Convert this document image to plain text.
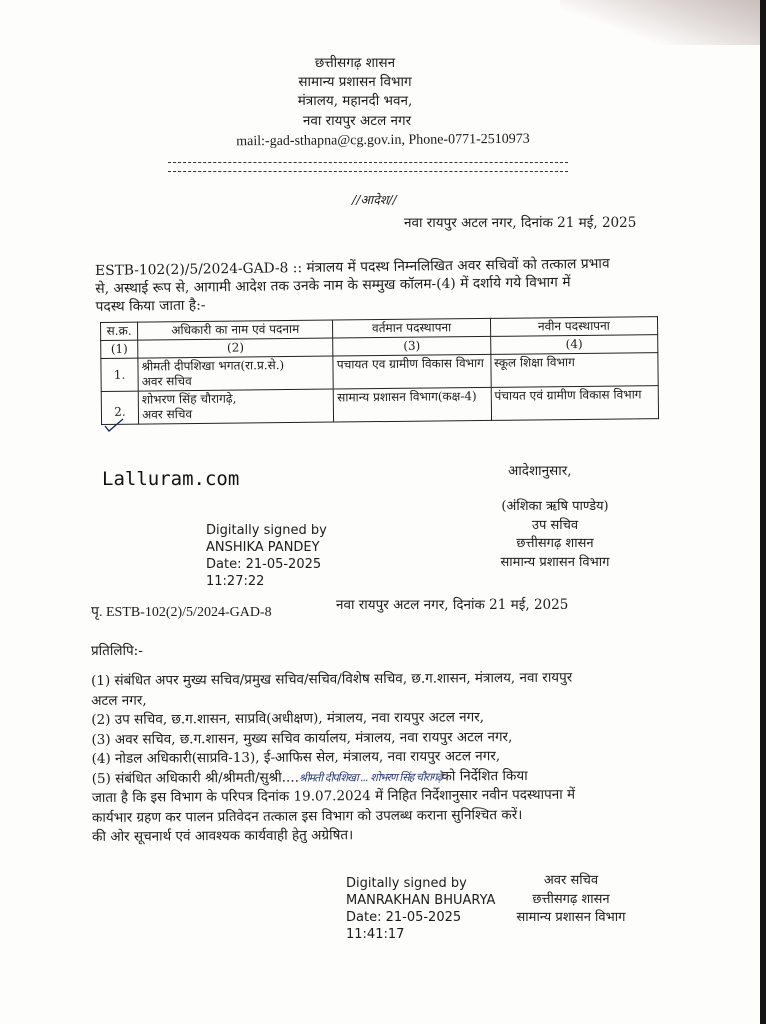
छत्तीसगढ़ शासन
सामान्य प्रशासन विभाग
मंत्रालय, महानदी भवन,
नवा रायपुर अटल नगर
mail:-gad-sthapna@cg.gov.in, Phone-0771-2510973
//आदेश//
नवा रायपुर अटल नगर, दिनांक 21 मई, 2025
ESTB-102(2)/5/2024-GAD-8 :: मंत्रालय में पदस्थ निम्नलिखित अवर सचिवों को तत्काल प्रभाव
से, अस्थाई रूप से, आगामी आदेश तक उनके नाम के सम्मुख कॉलम-(4) में दर्शाये गये विभाग में
पदस्थ किया जाता है:-
स.क्र.	अधिकारी का नाम एवं पदनाम	वर्तमान पदस्थापना	नवीन पदस्थापना
(1)	(2)	(3)	(4)
1.	श्रीमती दीपशिखा भगत(रा.प्र.से.)
अवर सचिव	पचायत एव ग्रामीण विकास विभाग	स्कूल शिक्षा विभाग
2.	शोभरण सिंह चौरागढ़े,
अवर सचिव	सामान्य प्रशासन विभाग(कक्ष-4)	पंचायत एवं ग्रामीण विकास विभाग
Lalluram.com	आदेशानुसार,
Digitally signed by
ANSHIKA PANDEY
Date: 21-05-2025
11:27:22
(अंशिका ऋषि पाण्डेय)
उप सचिव
छत्तीसगढ़ शासन
सामान्य प्रशासन विभाग
पृ. ESTB-102(2)/5/2024-GAD-8	नवा रायपुर अटल नगर, दिनांक 21 मई, 2025
प्रतिलिपि:-
(1) संबंधित अपर मुख्य सचिव/प्रमुख सचिव/सचिव/विशेष सचिव, छ.ग.शासन, मंत्रालय, नवा रायपुर
अटल नगर,
(2) उप सचिव, छ.ग.शासन, साप्रवि(अधीक्षण), मंत्रालय, नवा रायपुर अटल नगर,
(3) अवर सचिव, छ.ग.शासन, मुख्य सचिव कार्यालय, मंत्रालय, नवा रायपुर अटल नगर,
(4) नोडल अधिकारी(साप्रवि-13), ई-आफिस सेल, मंत्रालय, नवा रायपुर अटल नगर,
(5) संबंधित अधिकारी श्री/श्रीमती/सुश्री....श्रीमती दीपशिखा ... शोभरण सिंह चौरागढ़ेको निर्देशित किया
जाता है कि इस विभाग के परिपत्र दिनांक 19.07.2024 में निहित निर्देशानुसार नवीन पदस्थापना में
कार्यभार ग्रहण कर पालन प्रतिवेदन तत्काल इस विभाग को उपलब्ध कराना सुनिश्चित करें।
की ओर सूचनार्थ एवं आवश्यक कार्यवाही हेतु अग्रेषित।
Digitally signed by
MANRAKHAN BHUARYA
Date: 21-05-2025
11:41:17
अवर सचिव
छत्तीसगढ़ शासन
सामान्य प्रशासन विभाग
